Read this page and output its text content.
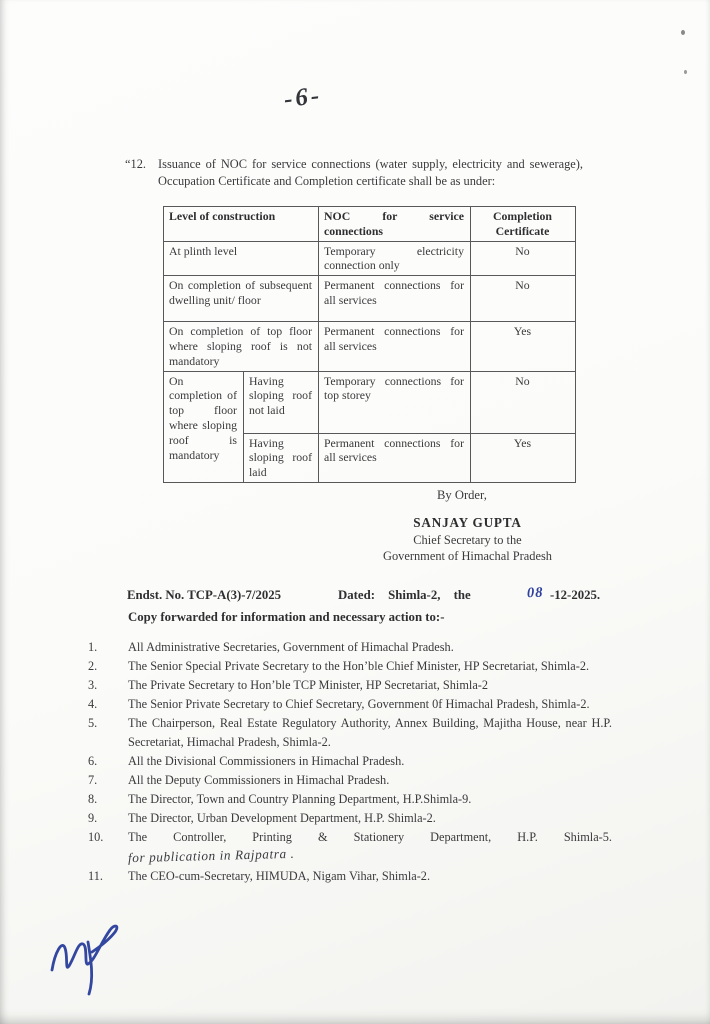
-6-
“12. Issuance of NOC for service connections (water supply, electricity and sewerage), Occupation Certificate and Completion certificate shall be as under:

Level of construction		NOC for service connections	Completion Certificate
At plinth level		Temporary electricity connection only	No
On completion of subsequent dwelling unit/ floor		Permanent connections for all services	No
On completion of top floor where sloping roof is not mandatory		Permanent connections for all services	Yes
On completion of top floor where sloping roof is mandatory	Having sloping roof not laid	Temporary connections for top storey	No
	Having sloping roof laid	Permanent connections for all services	Yes
By Order,
SANJAY GUPTA
Chief Secretary to the
Government of Himachal Pradesh
Endst. No. TCP-A(3)-7/2025	Dated: Shimla-2, the	08 -12-2025.
Copy forwarded for information and necessary action to:-
1.	All Administrative Secretaries, Government of Himachal Pradesh.
2.	The Senior Special Private Secretary to the Hon’ble Chief Minister, HP Secretariat, Shimla-2.
3.	The Private Secretary to Hon’ble TCP Minister, HP Secretariat, Shimla-2
4.	The Senior Private Secretary to Chief Secretary, Government 0f Himachal Pradesh, Shimla-2.
5.	The Chairperson, Real Estate Regulatory Authority, Annex Building, Majitha House, near H.P. Secretariat, Himachal Pradesh, Shimla-2.
6.	All the Divisional Commissioners in Himachal Pradesh.
7.	All the Deputy Commissioners in Himachal Pradesh.
8.	The Director, Town and Country Planning Department, H.P.Shimla-9.
9.	The Director, Urban Development Department, H.P. Shimla-2.
10.	The Controller, Printing & Stationery Department, H.P. Shimla-5. for publication in Rajpatra .
11.	The CEO-cum-Secretary, HIMUDA, Nigam Vihar, Shimla-2.
